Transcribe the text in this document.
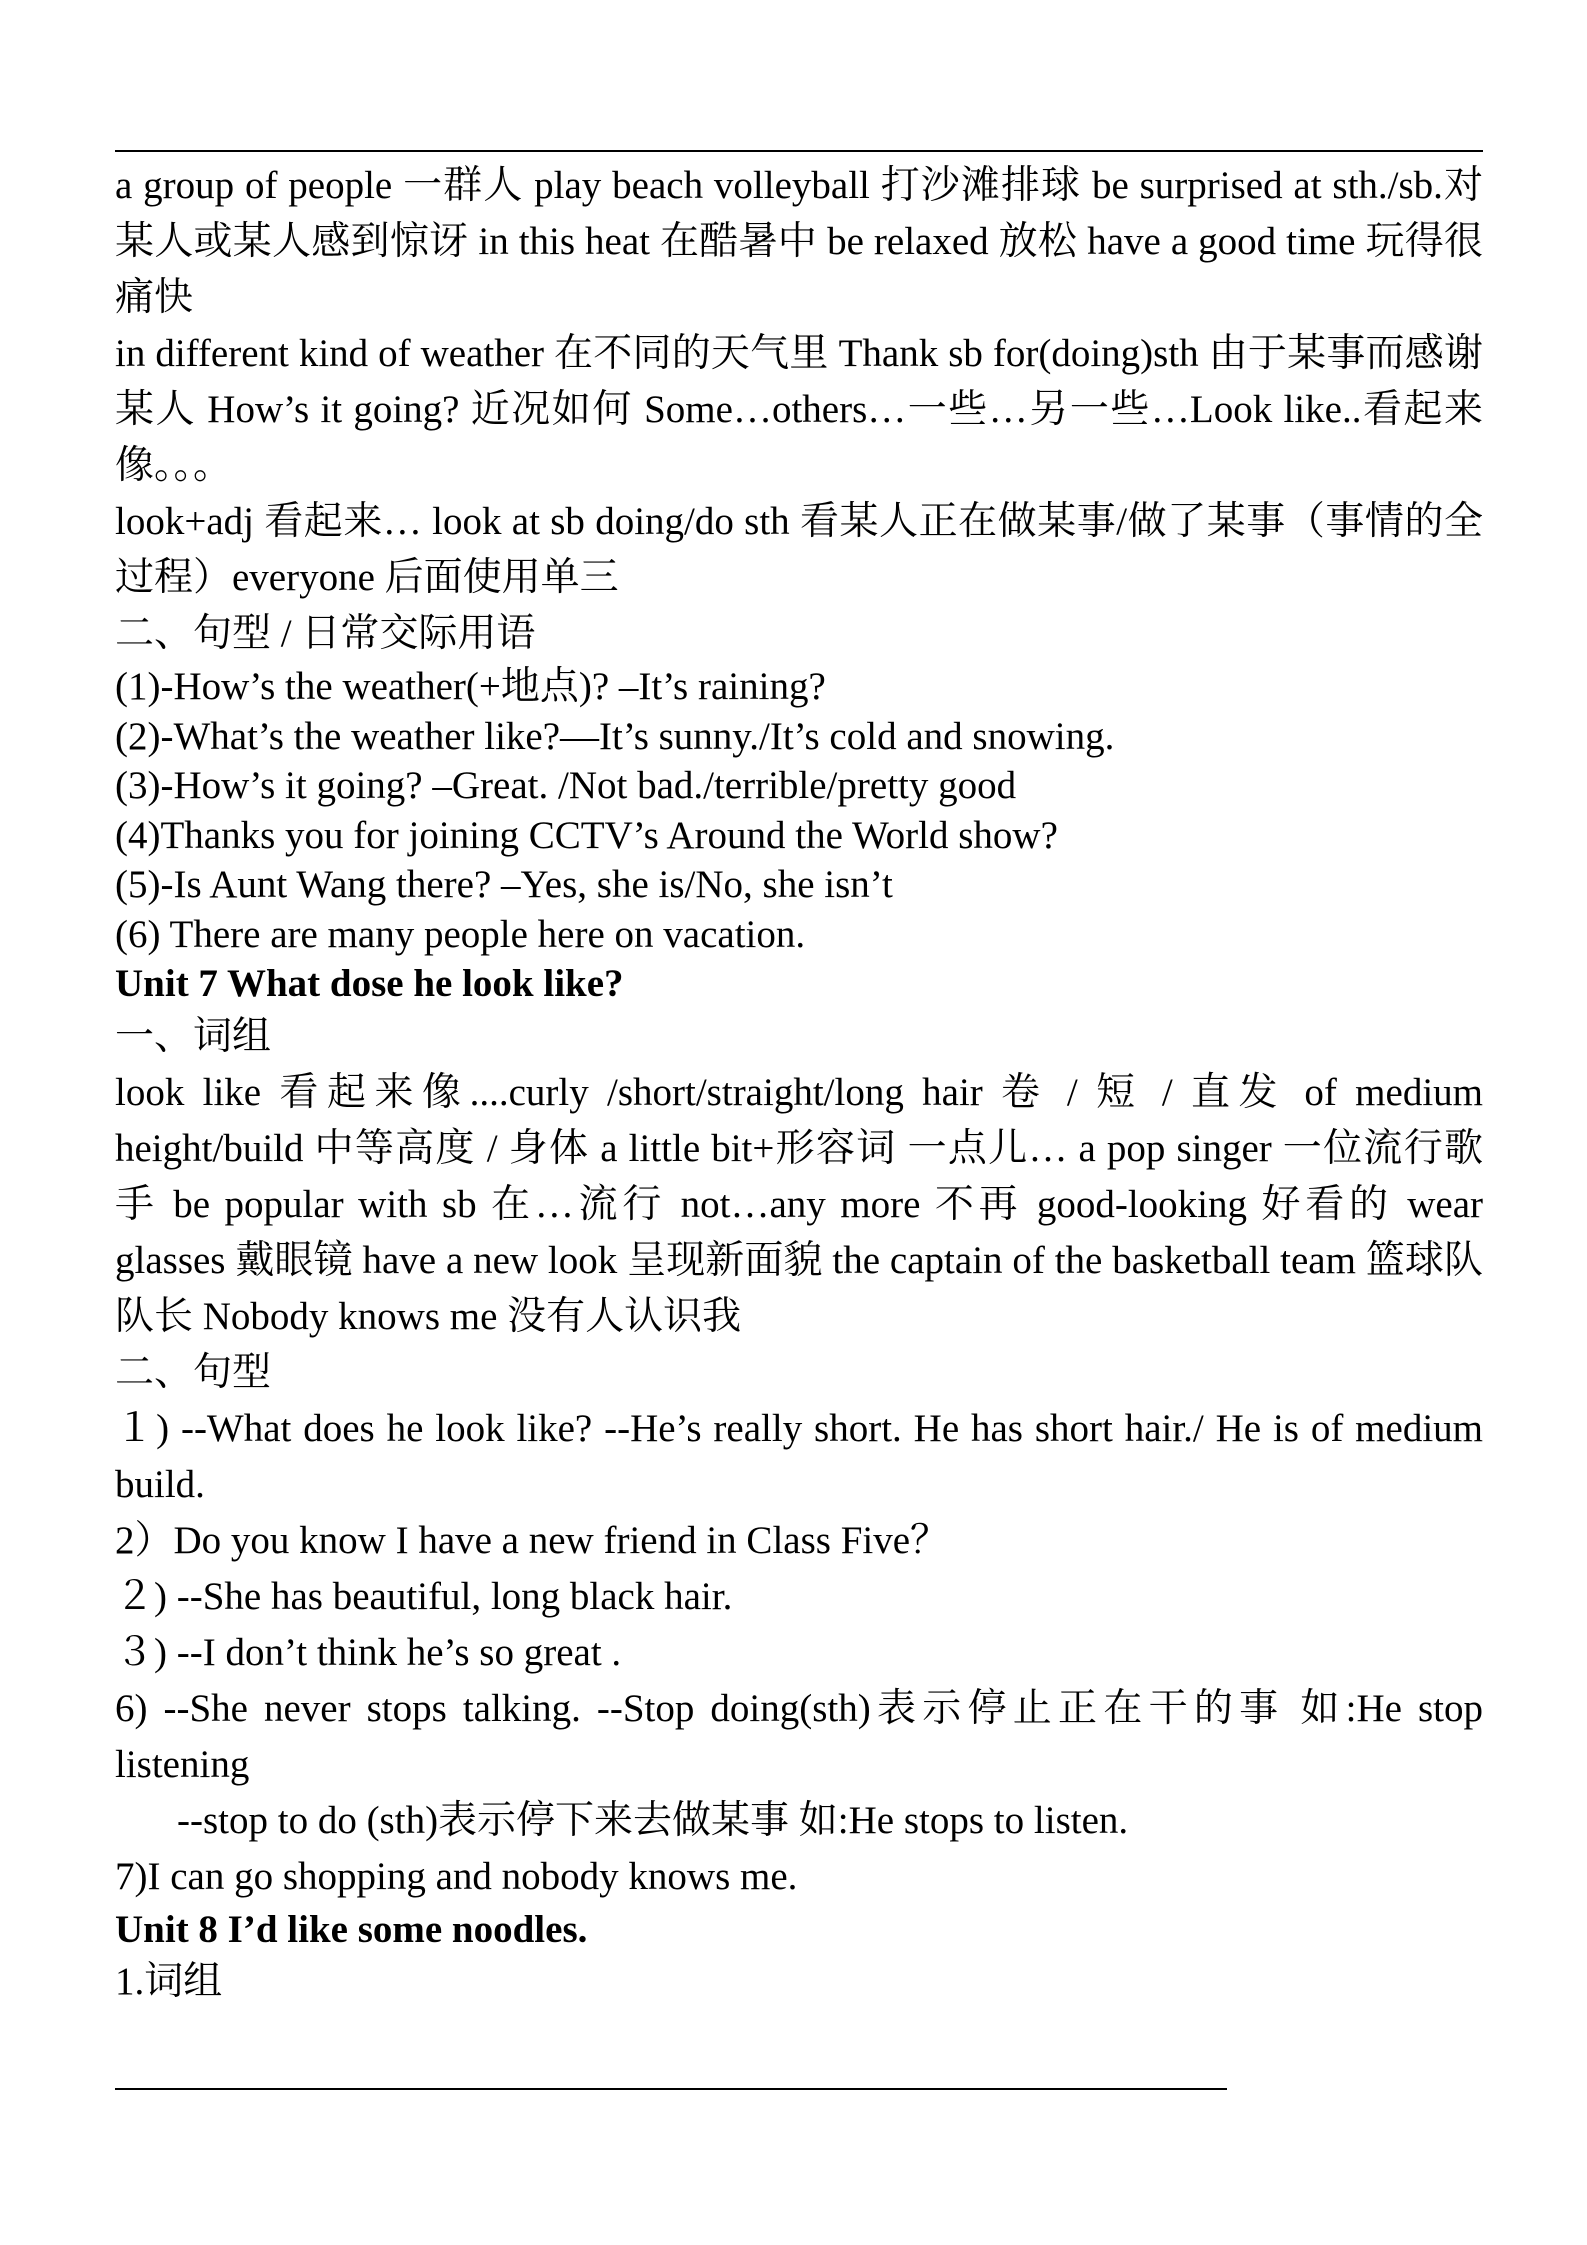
a group of people 一群人 play beach volleyball 打沙滩排球 be surprised at sth./sb.对某人或某人感到惊讶 in this heat 在酷暑中 be relaxed 放松 have a good time 玩得很痛快

in different kind of weather 在不同的天气里 Thank sb for(doing)sth 由于某事而感谢某人 How’s it going? 近况如何 Some…others…一些…另一些…Look like..看起来像。。。

look+adj 看起来… look at sb doing/do sth 看某人正在做某事/做了某事（事情的全过程）everyone 后面使用单三

二、句型 / 日常交际用语

(1)-How’s the weather(+地点)? –It’s raining?

(2)-What’s the weather like?—It’s sunny./It’s cold and snowing.

(3)-How’s it going? –Great. /Not bad./terrible/pretty good

(4)Thanks you for joining CCTV’s Around the World show?

(5)-Is Aunt Wang there? –Yes, she is/No, she isn’t

(6) There are many people here on vacation.

Unit 7 What dose he look like?

一、词组

look like 看起来像....curly /short/straight/long hair 卷 / 短 / 直发 of medium height/build 中等高度 / 身体 a little bit+形容词 一点儿… a pop singer 一位流行歌手 be popular with sb 在…流行 not…any more 不再 good-looking 好看的 wear glasses 戴眼镜 have a new look 呈现新面貌 the captain of the basketball team 篮球队队长 Nobody knows me 没有人认识我

二、句型

１) --What does he look like? --He’s really short. He has short hair./ He is of medium build.

2）Do you know I have a new friend in Class Five？

２) --She has beautiful, long black hair.

３) --I don’t think he’s so great .

6) --She never stops talking. --Stop doing(sth)表示停止正在干的事 如:He stop listening

--stop to do (sth)表示停下来去做某事 如:He stops to listen.

7)I can go shopping and nobody knows me.

Unit 8 I’d like some noodles.

1.词组
